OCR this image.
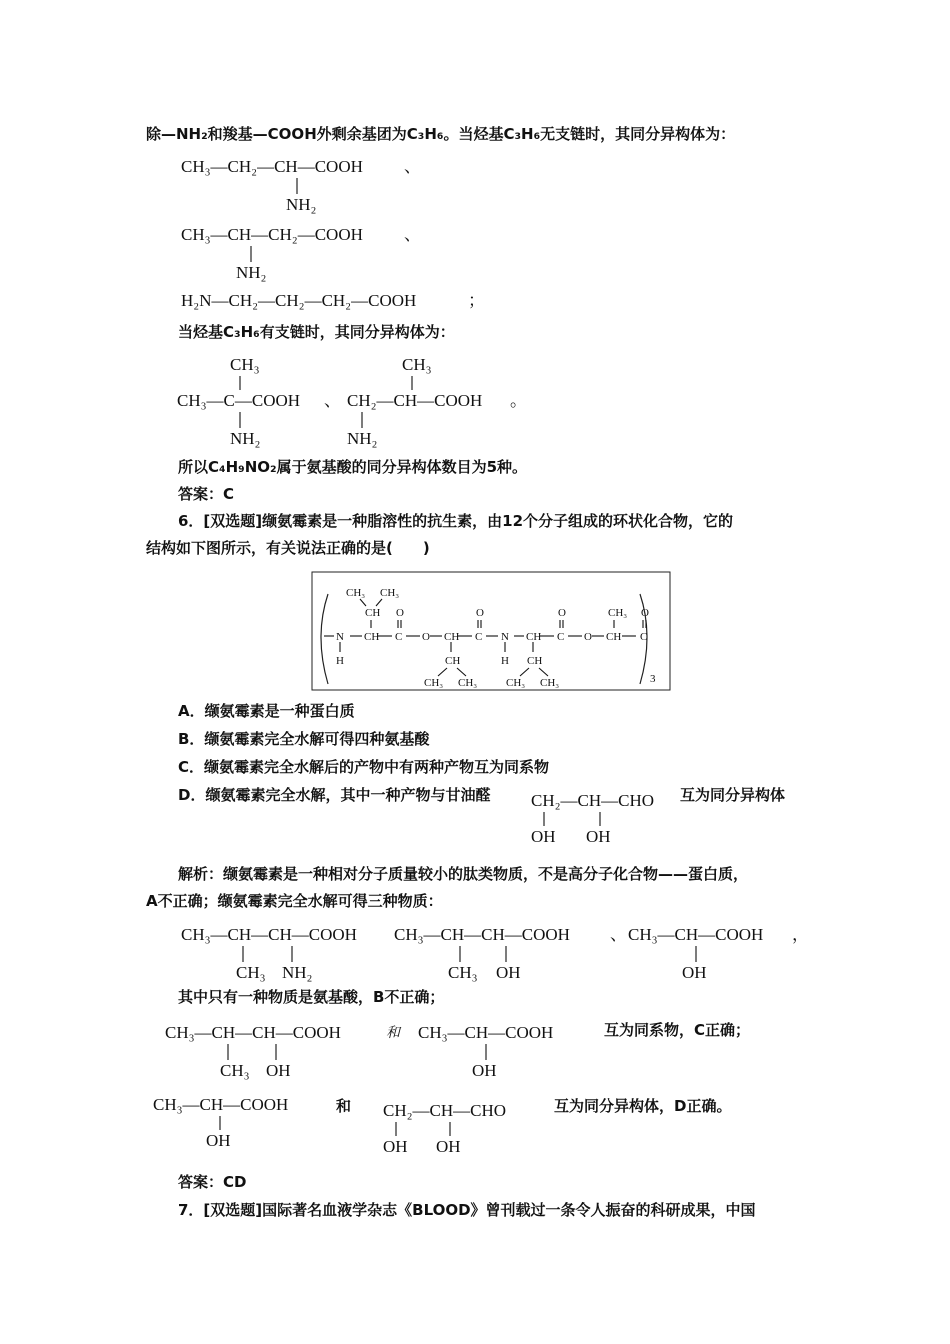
除—NH₂和羧基—COOH外剩余基团为C₃H₆。当烃基C₃H₆无支链时，其同分异构体为：
CH₃—CH₂—CH—COOH
NH₂
、
CH₃—CH—CH₂—COOH
NH₂
、
H₂N—CH₂—CH₂—CH₂—COOH	；
当烃基C₃H₆有支链时，其同分异构体为：
CH₃
CH₃—C—COOH
NH₂
、
CH₃
CH₂—CH—COOH
NH₂
。
所以C₄H₉NO₂属于氨基酸的同分异构体数目为5种。
答案：C
6．[双选题]缬氨霉素是一种脂溶性的抗生素，由12个分子组成的环状化合物，它的
结构如下图所示，有关说法正确的是(　　)
3
N CH C O CH C N CH C O CH C
O	O	O	O
CH₃ CH₃
CH	CH₃
H	H
CH
CH₃ CH₃
CH
CH₃ CH₃
A．缬氨霉素是一种蛋白质
B．缬氨霉素完全水解可得四种氨基酸
C．缬氨霉素完全水解后的产物中有两种产物互为同系物
D．缬氨霉素完全水解，其中一种产物与甘油醛 CH₂—CH—CHO
OH OH
互为同分异构体
解析：缬氨霉素是一种相对分子质量较小的肽类物质，不是高分子化合物——蛋白质，
A不正确；缬氨霉素完全水解可得三种物质：
CH₃—CH—CH—COOH
CH₃ NH₂
CH₃—CH—CH—COOH
CH₃ OH
、 CH₃—CH—COOH
OH
，
其中只有一种物质是氨基酸，B不正确；
CH₃—CH—CH—COOH
CH₃ OH
和 CH₃—CH—COOH
OH
互为同系物，C正确；
CH₃—CH—COOH
OH
和 CH₂—CH—CHO
OH OH
互为同分异构体，D正确。
答案：CD
7．[双选题]国际著名血液学杂志《BLOOD》曾刊载过一条令人振奋的科研成果，中国
